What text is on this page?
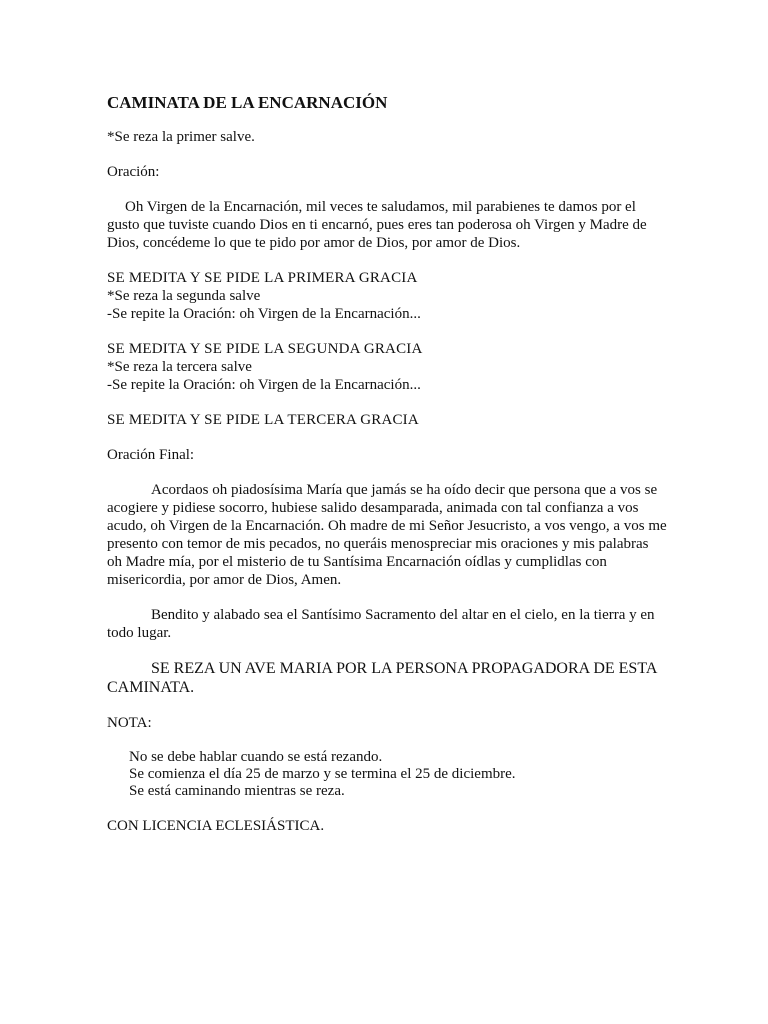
CAMINATA DE LA ENCARNACIÓN

*Se reza la primer salve.

Oración:

Oh Virgen de la Encarnación, mil veces te saludamos, mil parabienes te damos por el gusto que tuviste cuando Dios en ti encarnó, pues eres tan poderosa oh Virgen y Madre de Dios, concédeme lo que te pido por amor de Dios, por amor de Dios.

SE MEDITA Y SE PIDE LA PRIMERA GRACIA

*Se reza la segunda salve

-Se repite la Oración: oh Virgen de la Encarnación...

SE MEDITA Y SE PIDE LA SEGUNDA GRACIA

*Se reza la tercera salve

-Se repite la Oración: oh Virgen de la Encarnación...

SE MEDITA Y SE PIDE LA TERCERA GRACIA

Oración Final:

Acordaos oh piadosísima María que jamás se ha oído decir que persona que a vos se acogiere y pidiese socorro, hubiese salido desamparada, animada con tal confianza a vos acudo, oh Virgen de la Encarnación. Oh madre de mi Señor Jesucristo, a vos vengo, a vos me presento con temor de mis pecados, no queráis menospreciar mis oraciones y mis palabras oh Madre mía, por el misterio de tu Santísima Encarnación oídlas y cumplidlas con misericordia, por amor de Dios, Amen.

Bendito y alabado sea el Santísimo Sacramento del altar en el cielo, en la tierra y en todo lugar.

SE REZA UN AVE MARIA POR LA PERSONA PROPAGADORA DE ESTA CAMINATA.

NOTA:

No se debe hablar cuando se está rezando.

Se comienza el día 25 de marzo y se termina el 25 de diciembre.

Se está caminando mientras se reza.

CON LICENCIA ECLESIÁSTICA.
